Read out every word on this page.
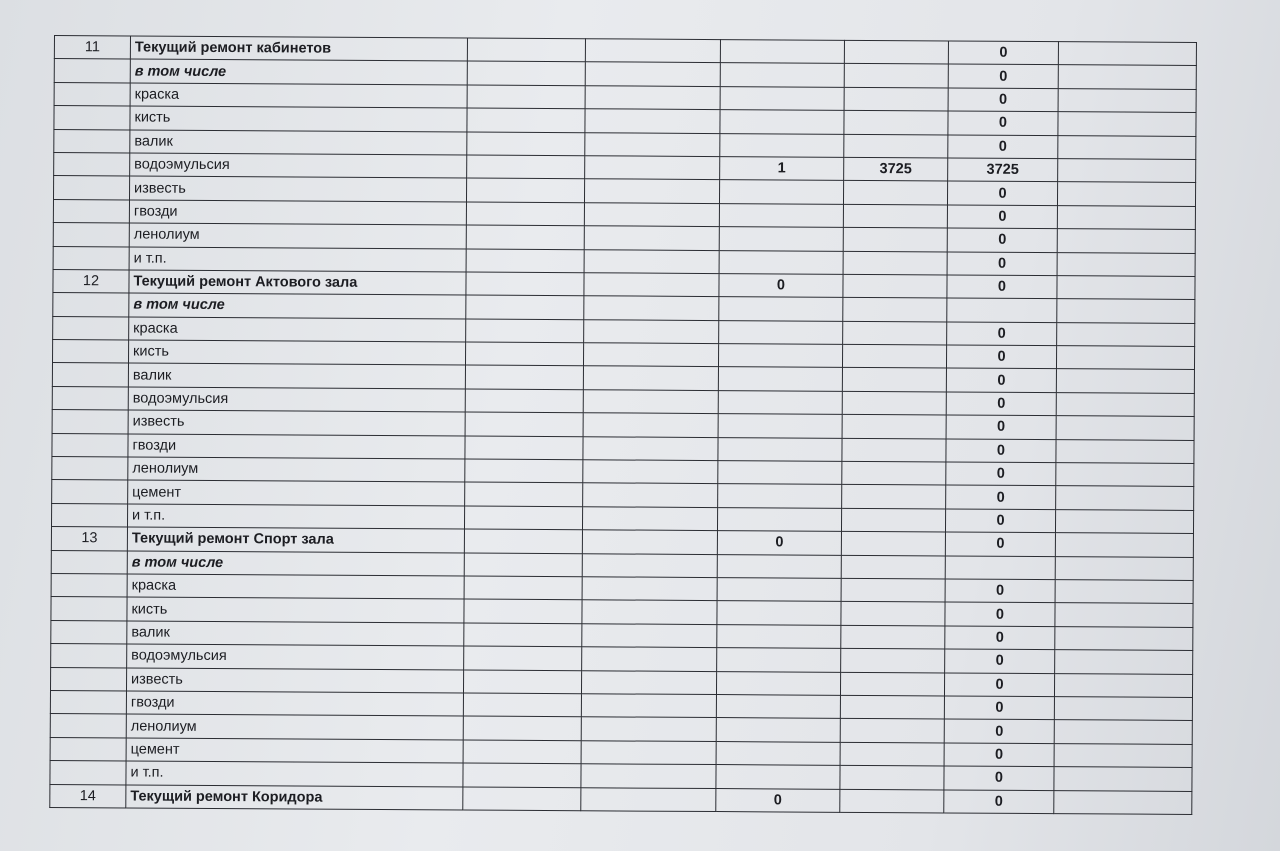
11	Текущий ремонт кабинетов					0	
	в том числе					0	
	краска					0	
	кисть					0	
	валик					0	
	водоэмульсия			1	3725	3725	
	известь					0	
	гвозди					0	
	ленолиум					0	
	и т.п.					0	
12	Текущий ремонт Актового зала			0		0	
	в том числе						
	краска					0	
	кисть					0	
	валик					0	
	водоэмульсия					0	
	известь					0	
	гвозди					0	
	ленолиум					0	
	цемент					0	
	и т.п.					0	
13	Текущий ремонт Спорт зала			0		0	
	в том числе						
	краска					0	
	кисть					0	
	валик					0	
	водоэмульсия					0	
	известь					0	
	гвозди					0	
	ленолиум					0	
	цемент					0	
	и т.п.					0	
14	Текущий ремонт Коридора			0		0	
